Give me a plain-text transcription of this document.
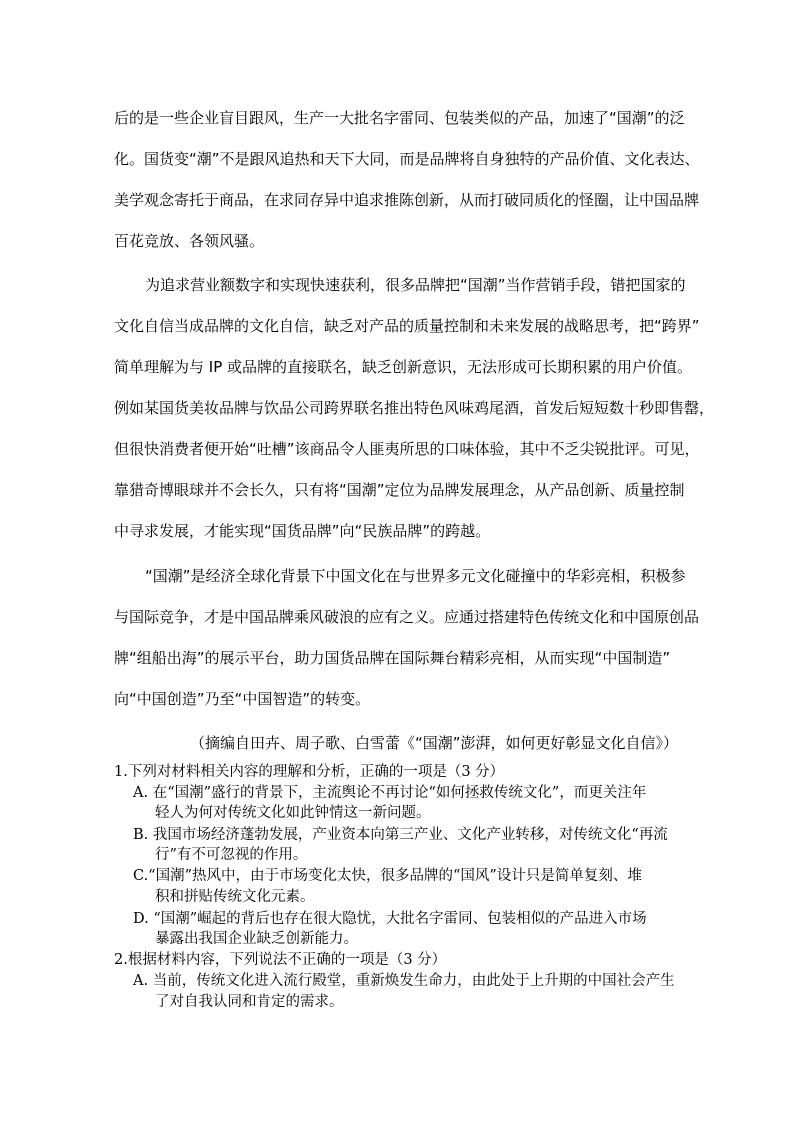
后的是一些企业盲目跟风，生产一大批名字雷同、包装类似的产品，加速了“国潮”的泛
化。国货变“潮”不是跟风追热和天下大同，而是品牌将自身独特的产品价值、文化表达、
美学观念寄托于商品，在求同存异中追求推陈创新，从而打破同质化的怪圈，让中国品牌
百花竞放、各领风骚。
为追求营业额数字和实现快速获利，很多品牌把“国潮”当作营销手段，错把国家的
文化自信当成品牌的文化自信，缺乏对产品的质量控制和未来发展的战略思考，把“跨界”
简单理解为与 IP 或品牌的直接联名，缺乏创新意识，无法形成可长期积累的用户价值。
例如某国货美妆品牌与饮品公司跨界联名推出特色风味鸡尾酒，首发后短短数十秒即售罄，
但很快消费者便开始“吐槽”该商品令人匪夷所思的口味体验，其中不乏尖锐批评。可见，
靠猎奇博眼球并不会长久，只有将“国潮”定位为品牌发展理念，从产品创新、质量控制
中寻求发展，才能实现“国货品牌”向“民族品牌”的跨越。
“国潮”是经济全球化背景下中国文化在与世界多元文化碰撞中的华彩亮相，积极参
与国际竞争，才是中国品牌乘风破浪的应有之义。应通过搭建特色传统文化和中国原创品
牌“组船出海”的展示平台，助力国货品牌在国际舞台精彩亮相，从而实现“中国制造”
向“中国创造”乃至“中国智造”的转变。
（摘编自田卉、周子歌、白雪蕾《“国潮”澎湃，如何更好彰显文化自信》）
1.下列对材料相关内容的理解和分析，正确的一项是（3 分）
A. 在“国潮”盛行的背景下，主流舆论不再讨论“如何拯救传统文化”，而更关注年
轻人为何对传统文化如此钟情这一新问题。
B. 我国市场经济蓬勃发展，产业资本向第三产业、文化产业转移，对传统文化“再流
行”有不可忽视的作用。
C.“国潮”热风中，由于市场变化太快，很多品牌的“国风”设计只是简单复刻、堆
积和拼贴传统文化元素。
D. “国潮”崛起的背后也存在很大隐忧，大批名字雷同、包装相似的产品进入市场
暴露出我国企业缺乏创新能力。
2.根据材料内容，下列说法不正确的一项是（3 分）
A. 当前，传统文化进入流行殿堂，重新焕发生命力，由此处于上升期的中国社会产生
了对自我认同和肯定的需求。
